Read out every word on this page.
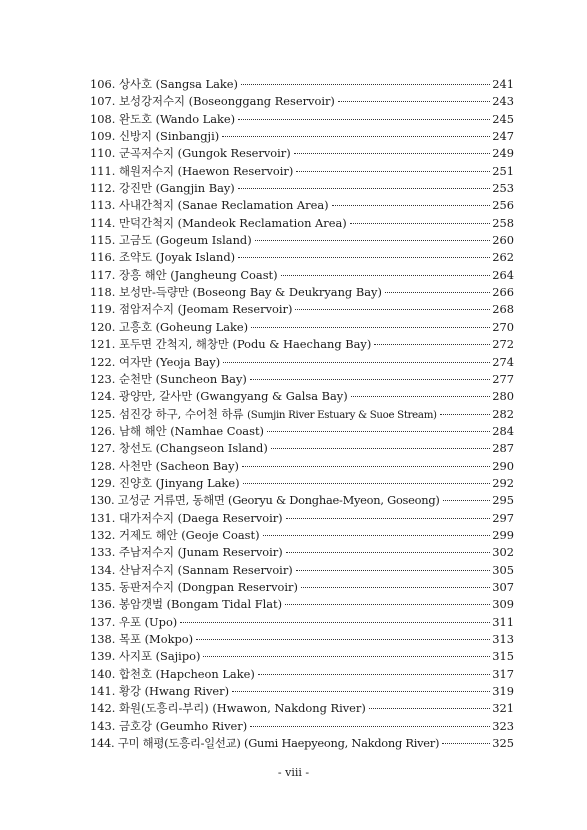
106. 상사호 (Sangsa Lake)	241
107. 보성강저수지 (Boseonggang Reservoir)	243
108. 완도호 (Wando Lake)	245
109. 신방지 (Sinbangji)	247
110. 군곡저수지 (Gungok Reservoir)	249
111. 해원저수지 (Haewon Reservoir)	251
112. 강진만 (Gangjin Bay)	253
113. 사내간척지 (Sanae Reclamation Area)	256
114. 만덕간척지 (Mandeok Reclamation Area)	258
115. 고금도 (Gogeum Island)	260
116. 조약도 (Joyak Island)	262
117. 장흥 해안 (Jangheung Coast)	264
118. 보성만-득량만 (Boseong Bay & Deukryang Bay)	266
119. 점암저수지 (Jeomam Reservoir)	268
120. 고흥호 (Goheung Lake)	270
121. 포두면 간척지, 해창만 (Podu & Haechang Bay)	272
122. 여자만 (Yeoja Bay)	274
123. 순천만 (Suncheon Bay)	277
124. 광양만, 갈사만 (Gwangyang & Galsa Bay)	280
125. 섬진강 하구, 수어천 하류 (Sumjin River Estuary & Suoe Stream)	282
126. 남해 해안 (Namhae Coast)	284
127. 창선도 (Changseon Island)	287
128. 사천만 (Sacheon Bay)	290
129. 진양호 (Jinyang Lake)	292
130. 고성군 거류면, 동해면 (Georyu & Donghae-Myeon, Goseong)	295
131. 대가저수지 (Daega Reservoir)	297
132. 거제도 해안 (Geoje Coast)	299
133. 주남저수지 (Junam Reservoir)	302
134. 산남저수지 (Sannam Reservoir)	305
135. 동판저수지 (Dongpan Reservoir)	307
136. 봉암갯벌 (Bongam Tidal Flat)	309
137. 우포 (Upo)	311
138. 목포 (Mokpo)	313
139. 사지포 (Sajipo)	315
140. 합천호 (Hapcheon Lake)	317
141. 황강 (Hwang River)	319
142. 화원(도흥리-부리) (Hwawon, Nakdong River)	321
143. 금호강 (Geumho River)	323
144. 구미 해평(도흥리-일선교) (Gumi Haepyeong, Nakdong River)	325
- viii -
